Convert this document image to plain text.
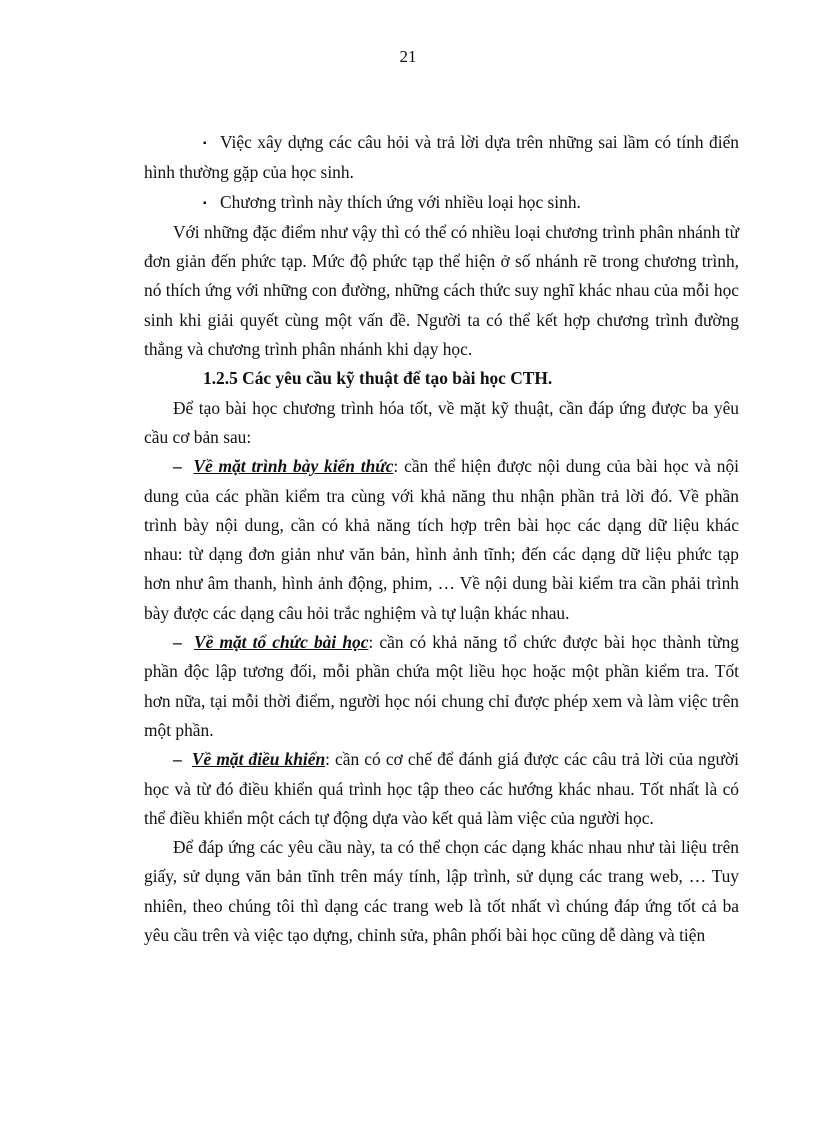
21

▪ Việc xây dựng các câu hỏi và trả lời dựa trên những sai lầm có tính điển hình thường gặp của học sinh.

▪ Chương trình này thích ứng với nhiều loại học sinh.

Với những đặc điểm như vậy thì có thể có nhiều loại chương trình phân nhánh từ đơn giản đến phức tạp. Mức độ phức tạp thể hiện ở số nhánh rẽ trong chương trình, nó thích ứng với những con đường, những cách thức suy nghĩ khác nhau của mỗi học sinh khi giải quyết cùng một vấn đề. Người ta có thể kết hợp chương trình đường thẳng và chương trình phân nhánh khi dạy học.

1.2.5 Các yêu cầu kỹ thuật để tạo bài học CTH.

Để tạo bài học chương trình hóa tốt, về mặt kỹ thuật, cần đáp ứng được ba yêu cầu cơ bản sau:

– Về mặt trình bày kiến thức: cần thể hiện được nội dung của bài học và nội dung của các phần kiểm tra cùng với khả năng thu nhận phần trả lời đó. Về phần trình bày nội dung, cần có khả năng tích hợp trên bài học các dạng dữ liệu khác nhau: từ dạng đơn giản như văn bản, hình ảnh tĩnh; đến các dạng dữ liệu phức tạp hơn như âm thanh, hình ảnh động, phim, … Về nội dung bài kiểm tra cần phải trình bày được các dạng câu hỏi trắc nghiệm và tự luận khác nhau.

– Về mặt tổ chức bài học: cần có khả năng tổ chức được bài học thành từng phần độc lập tương đối, mỗi phần chứa một liều học hoặc một phần kiểm tra. Tốt hơn nữa, tại mỗi thời điểm, người học nói chung chỉ được phép xem và làm việc trên một phần.

– Về mặt điều khiển: cần có cơ chế để đánh giá được các câu trả lời của người học và từ đó điều khiển quá trình học tập theo các hướng khác nhau. Tốt nhất là có thể điều khiển một cách tự động dựa vào kết quả làm việc của người học.

Để đáp ứng các yêu cầu này, ta có thể chọn các dạng khác nhau như tài liệu trên giấy, sử dụng văn bản tĩnh trên máy tính, lập trình, sử dụng các trang web, … Tuy nhiên, theo chúng tôi thì dạng các trang web là tốt nhất vì chúng đáp ứng tốt cả ba yêu cầu trên và việc tạo dựng, chỉnh sửa, phân phối bài học cũng dễ dàng và tiện
